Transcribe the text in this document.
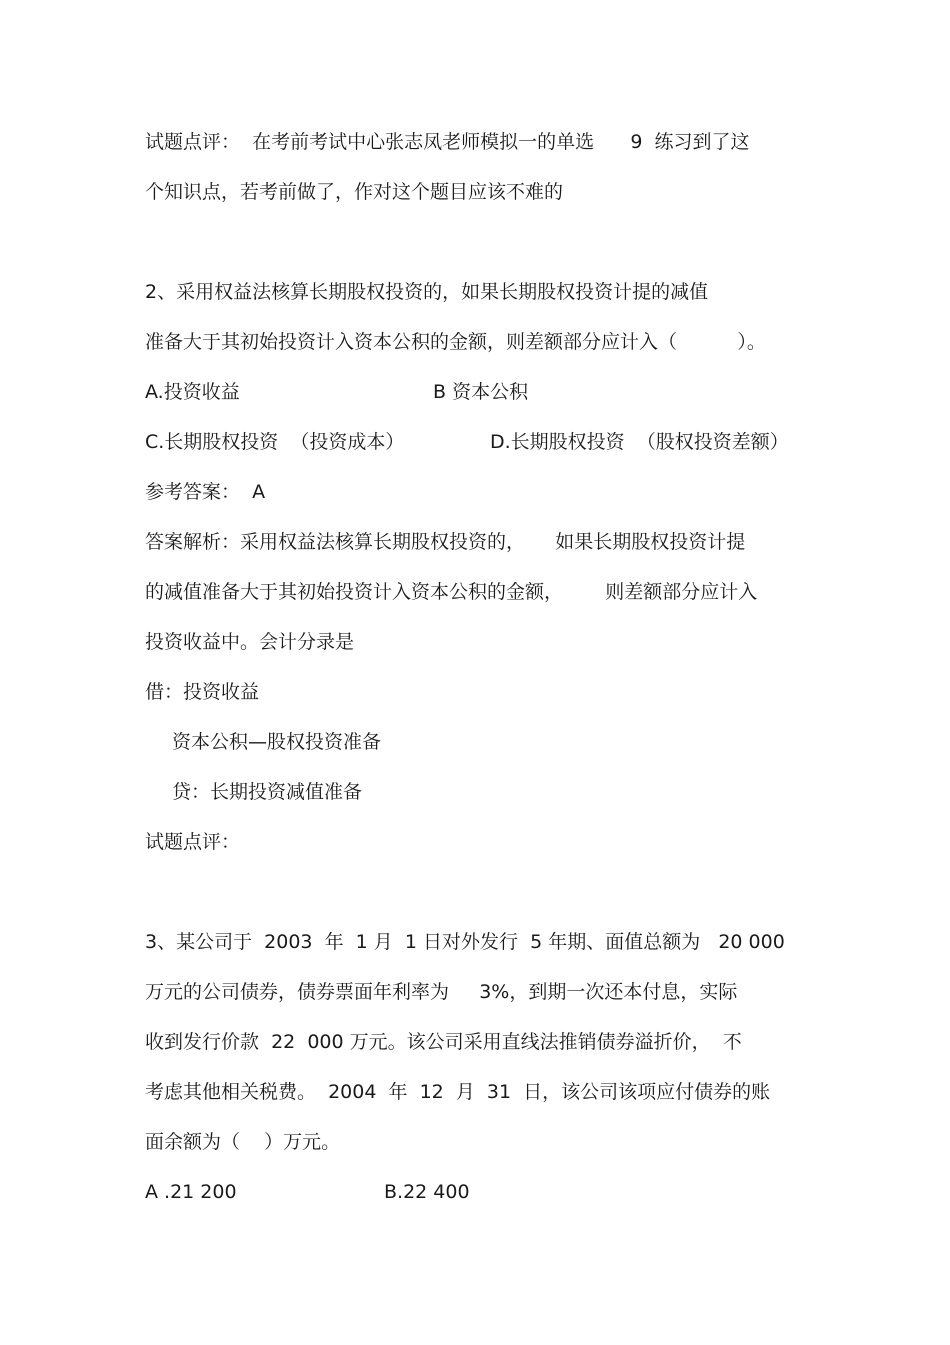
试题点评：  在考前考试中心张志凤老师模拟一的单选      9  练习到了这
个知识点，若考前做了，作对这个题目应该不难的
2、采用权益法核算长期股权投资的，如果长期股权投资计提的减值
准备大于其初始投资计入资本公积的金额，则差额部分应计入（          ）。
A.投资收益	B 资本公积
C.长期股权投资  （投资成本）	D.长期股权投资  （股权投资差额）
参考答案：  A
答案解析：采用权益法核算长期股权投资的，     如果长期股权投资计提
的减值准备大于其初始投资计入资本公积的金额，       则差额部分应计入
投资收益中。会计分录是
借：投资收益
资本公积—股权投资准备
贷：长期投资减值准备
试题点评：
3、某公司于  2003  年  1 月  1 日对外发行  5 年期、面值总额为   20 000
万元的公司债券，债券票面年利率为     3%，到期一次还本付息，实际
收到发行价款  22  000 万元。该公司采用直线法推销债券溢折价，  不
考虑其他相关税费。  2004  年  12  月  31  日，该公司该项应付债券的账
面余额为（    ）万元。
A .21 200	B.22 400
